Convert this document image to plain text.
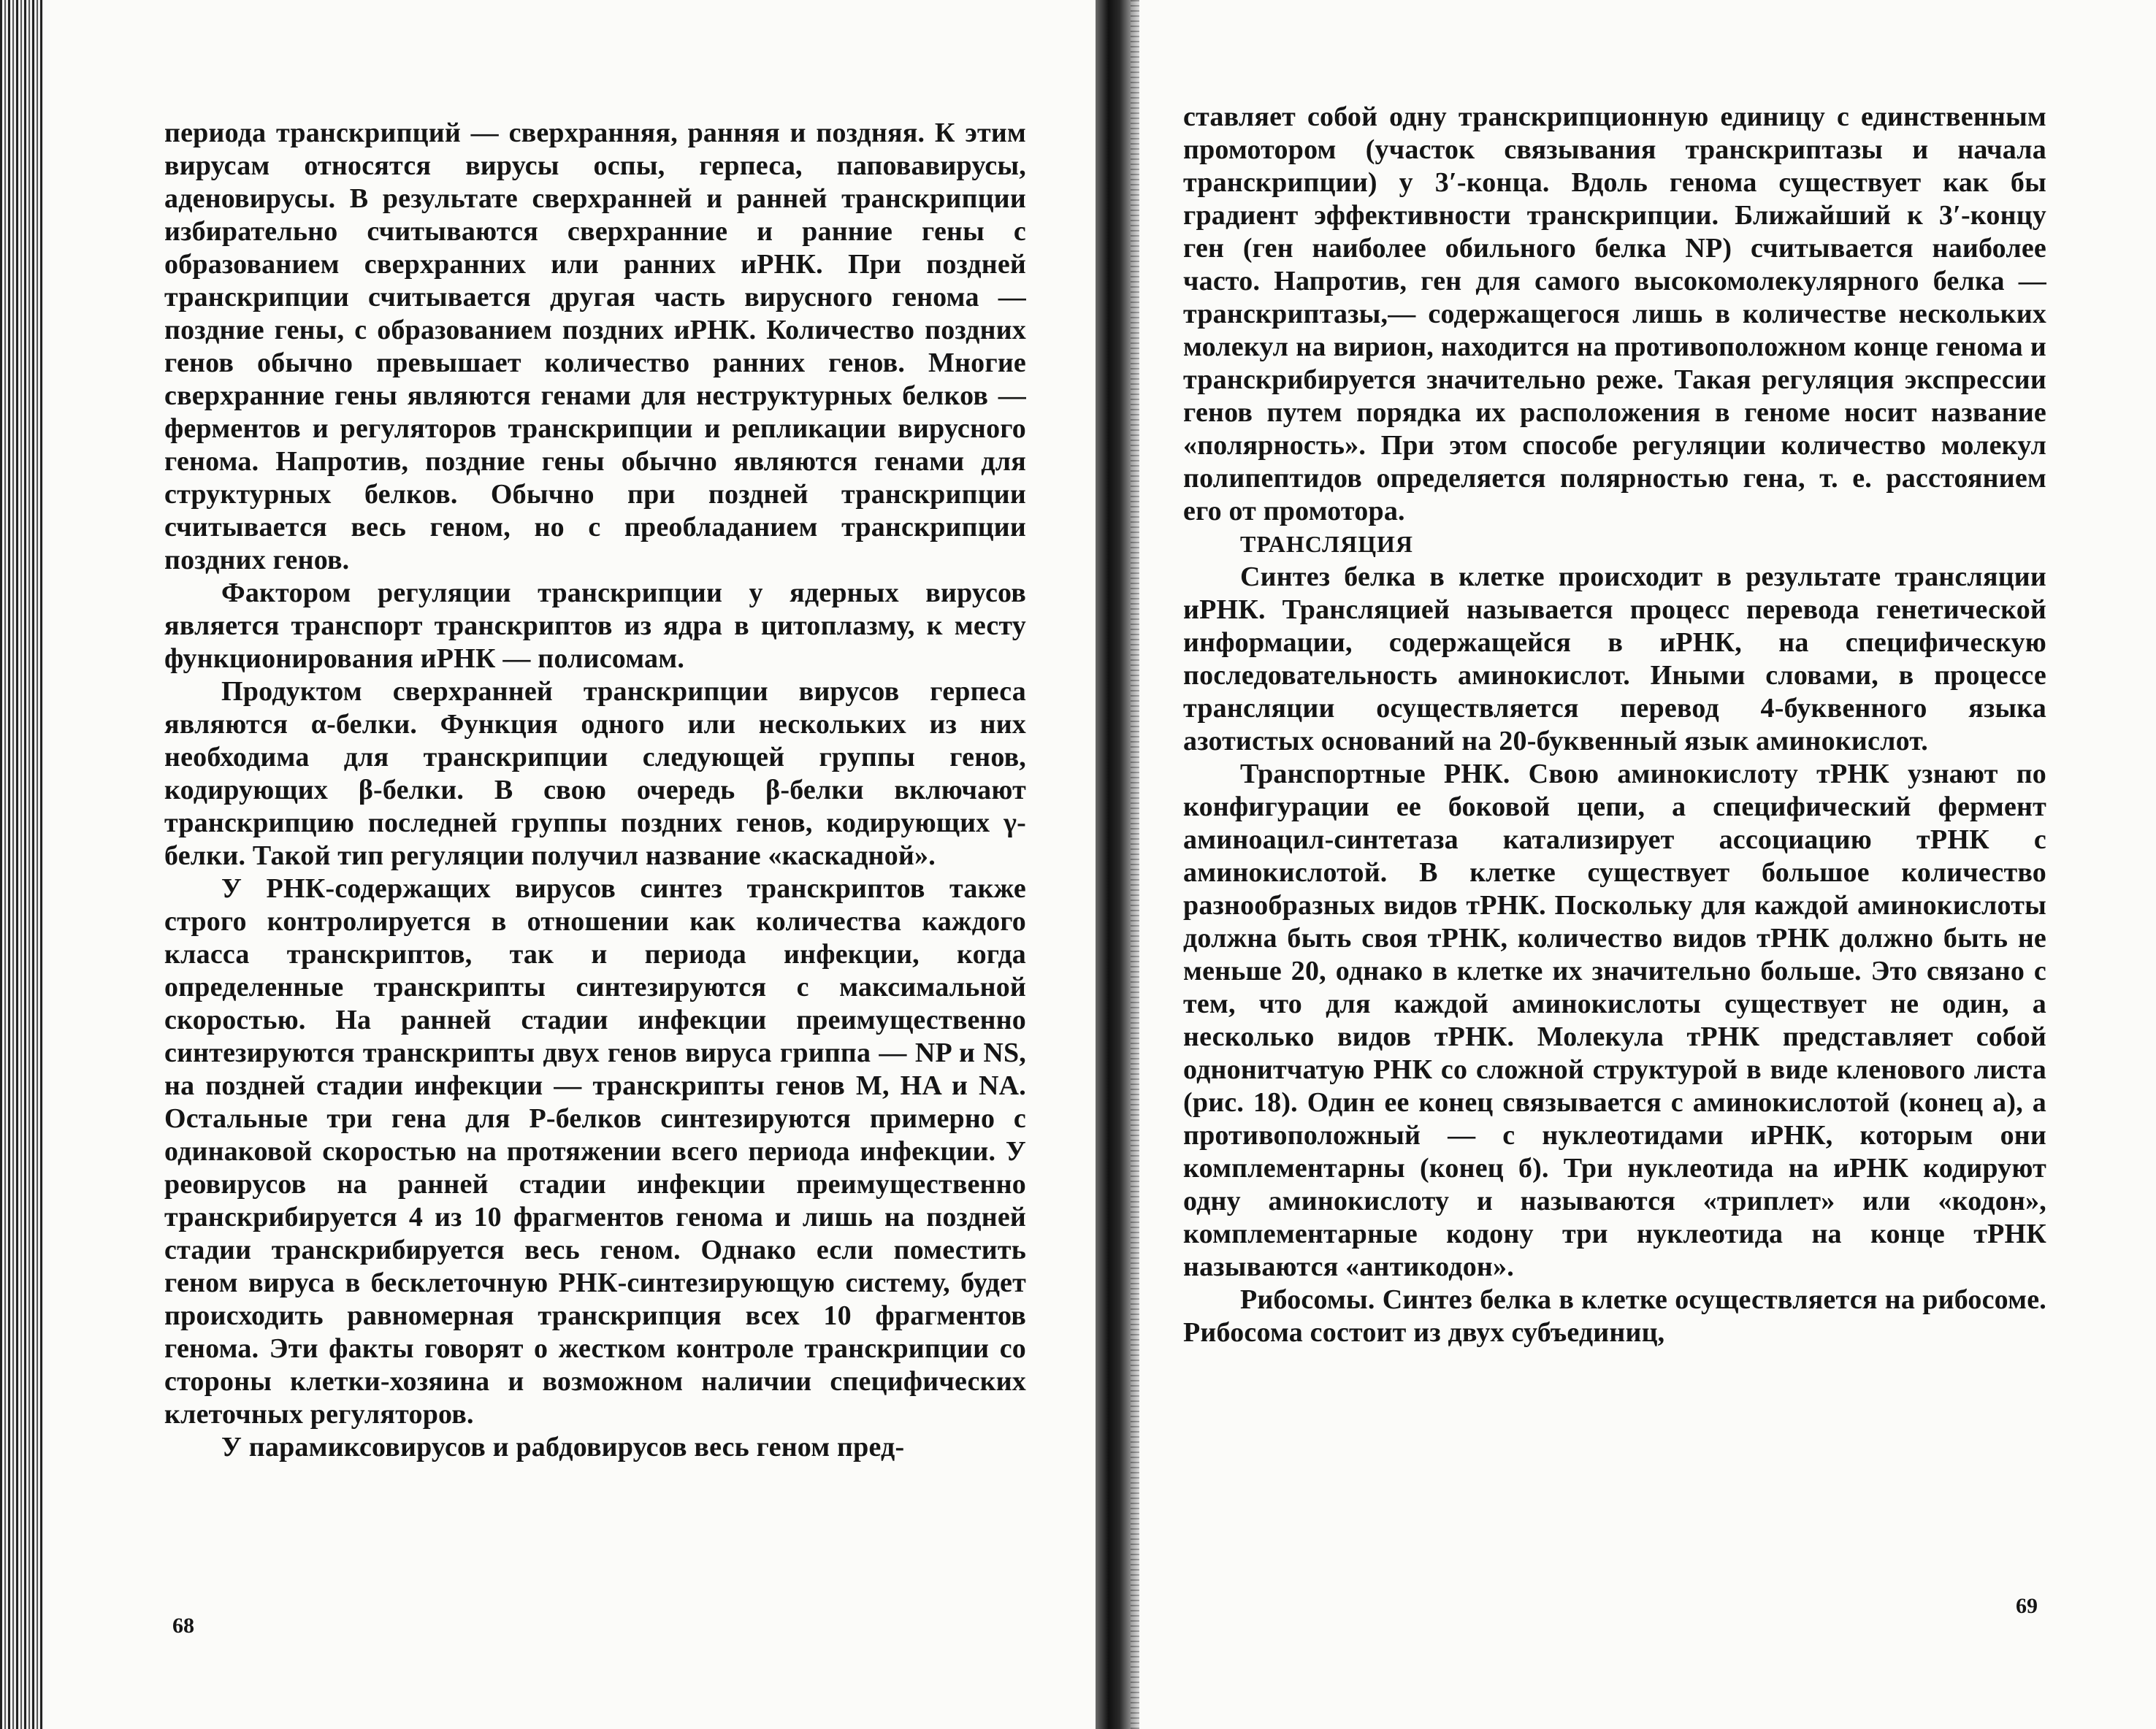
периода транскрипций — сверхранняя, ранняя и поздняя. К этим вирусам относятся вирусы оспы, герпеса, паповавирусы, аденовирусы. В результате сверхранней и ранней транскрипции избирательно считываются сверхранние и ранние гены с образованием сверхранних или ранних иРНК. При поздней транскрипции считывается другая часть вирусного генома — поздние гены, с образованием поздних иРНК. Количество поздних генов обычно превышает количество ранних генов. Многие сверхранние гены являются генами для неструктурных белков — ферментов и регуляторов транскрипции и репликации вирусного генома. Напротив, поздние гены обычно являются генами для структурных белков. Обычно при поздней транскрипции считывается весь геном, но с преобладанием транскрипции поздних генов.

Фактором регуляции транскрипции у ядерных вирусов является транспорт транскриптов из ядра в цитоплазму, к месту функционирования иРНК — полисомам.

Продуктом сверхранней транскрипции вирусов герпеса являются α-белки. Функция одного или нескольких из них необходима для транскрипции следующей группы генов, кодирующих β-белки. В свою очередь β-белки включают транскрипцию последней группы поздних генов, кодирующих γ-белки. Такой тип регуляции получил название «каскадной».

У РНК-содержащих вирусов синтез транскриптов также строго контролируется в отношении как количества каждого класса транскриптов, так и периода инфекции, когда определенные транскрипты синтезируются с максимальной скоростью. На ранней стадии инфекции преимущественно синтезируются транскрипты двух генов вируса гриппа — NP и NS, на поздней стадии инфекции — транскрипты генов M, HA и NA. Остальные три гена для Р-белков синтезируются примерно с одинаковой скоростью на протяжении всего периода инфекции. У реовирусов на ранней стадии инфекции преимущественно транскрибируется 4 из 10 фрагментов генома и лишь на поздней стадии транскрибируется весь геном. Однако если поместить геном вируса в бесклеточную РНК-синтезирующую систему, будет происходить равномерная транскрипция всех 10 фрагментов генома. Эти факты говорят о жестком контроле транскрипции со стороны клетки-хозяина и возможном наличии специфических клеточных регуляторов.

У парамиксовирусов и рабдовирусов весь геном пред-

68

ставляет собой одну транскрипционную единицу с единственным промотором (участок связывания транскриптазы и начала транскрипции) у 3′-конца. Вдоль генома существует как бы градиент эффективности транскрипции. Ближайший к 3′-концу ген (ген наиболее обильного белка NP) считывается наиболее часто. Напротив, ген для самого высокомолекулярного белка — транскриптазы,— содержащегося лишь в количестве нескольких молекул на вирион, находится на противоположном конце генома и транскрибируется значительно реже. Такая регуляция экспрессии генов путем порядка их расположения в геноме носит название «полярность». При этом способе регуляции количество молекул полипептидов определяется полярностью гена, т. е. расстоянием его от промотора.

ТРАНСЛЯЦИЯ

Синтез белка в клетке происходит в результате трансляции иРНК. Трансляцией называется процесс перевода генетической информации, содержащейся в иРНК, на специфическую последовательность аминокислот. Иными словами, в процессе трансляции осуществляется перевод 4-буквенного языка азотистых оснований на 20-буквенный язык аминокислот.

Транспортные РНК. Свою аминокислоту тРНК узнают по конфигурации ее боковой цепи, а специфический фермент аминоацил-синтетаза катализирует ассоциацию тРНК с аминокислотой. В клетке существует большое количество разнообразных видов тРНК. Поскольку для каждой аминокислоты должна быть своя тРНК, количество видов тРНК должно быть не меньше 20, однако в клетке их значительно больше. Это связано с тем, что для каждой аминокислоты существует не один, а несколько видов тРНК. Молекула тРНК представляет собой однонитчатую РНК со сложной структурой в виде кленового листа (рис. 18). Один ее конец связывается с аминокислотой (конец а), а противоположный — с нуклеотидами иРНК, которым они комплементарны (конец б). Три нуклеотида на иРНК кодируют одну аминокислоту и называются «триплет» или «кодон», комплементарные кодону три нуклеотида на конце тРНК называются «антикодон».

Рибосомы. Синтез белка в клетке осуществляется на рибосоме. Рибосома состоит из двух субъединиц,

69
